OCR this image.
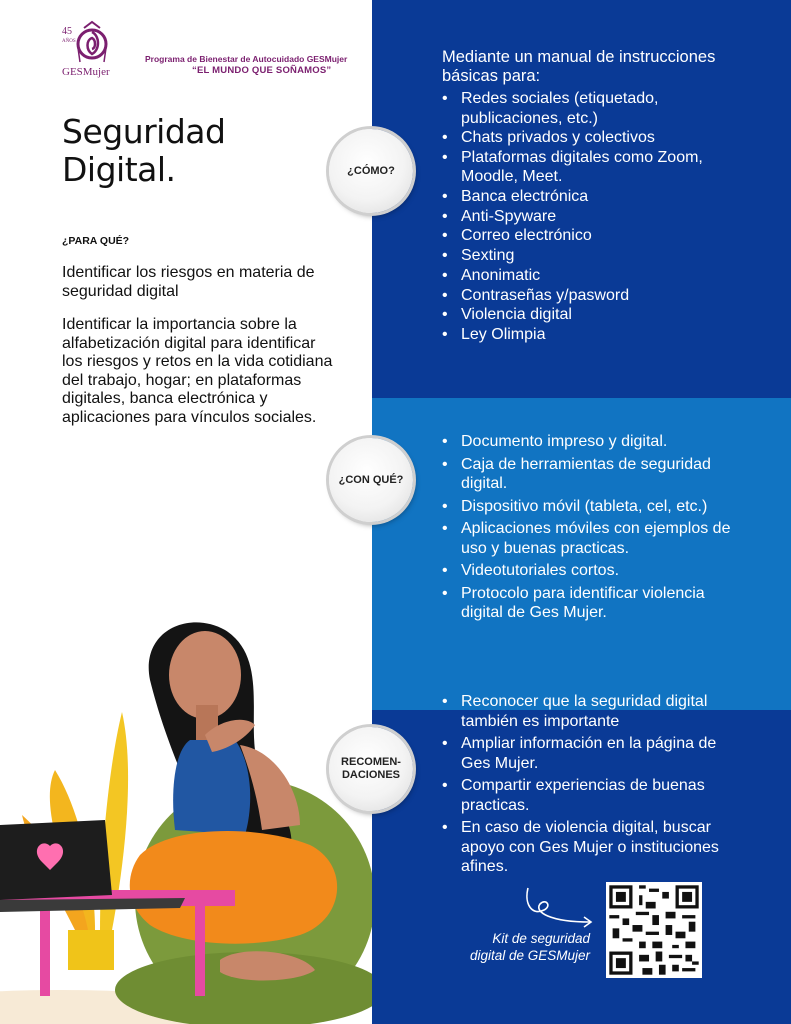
45
AÑOS
GESMujer
Programa de Bienestar de Autocuidado GESMujer
“EL MUNDO QUE SOÑAMOS”
Seguridad
Digital.
¿PARA QUÉ?
Identificar los riesgos en materia de seguridad digital
Identificar la importancia sobre la alfabetización digital para identificar los riesgos y retos en la vida cotidiana del trabajo, hogar; en plataformas digitales, banca electrónica y aplicaciones para vínculos sociales.
Mediante un manual de instrucciones básicas para:
• Redes sociales (etiquetado, publicaciones, etc.)
• Chats privados y colectivos
• Plataformas digitales como Zoom, Moodle, Meet.
• Banca electrónica
• Anti-Spyware
• Correo electrónico
• Sexting
• Anonimatic
• Contraseñas y/pasword
• Violencia digital
• Ley Olimpia
• Documento impreso y digital.
• Caja de herramientas de seguridad digital.
• Dispositivo móvil (tableta, cel, etc.)
• Aplicaciones móviles con ejemplos de uso y buenas practicas.
• Videotutoriales cortos.
• Protocolo para identificar violencia digital de Ges Mujer.
• Reconocer que la seguridad digital también es importante
• Ampliar información en la página de Ges Mujer.
• Compartir experiencias de buenas practicas.
• En caso de violencia digital, buscar apoyo con Ges Mujer o instituciones afines.
¿CÓMO?
¿CON QUÉ?
RECOMEN-
DACIONES
Kit de seguridad
digital de GESMujer
